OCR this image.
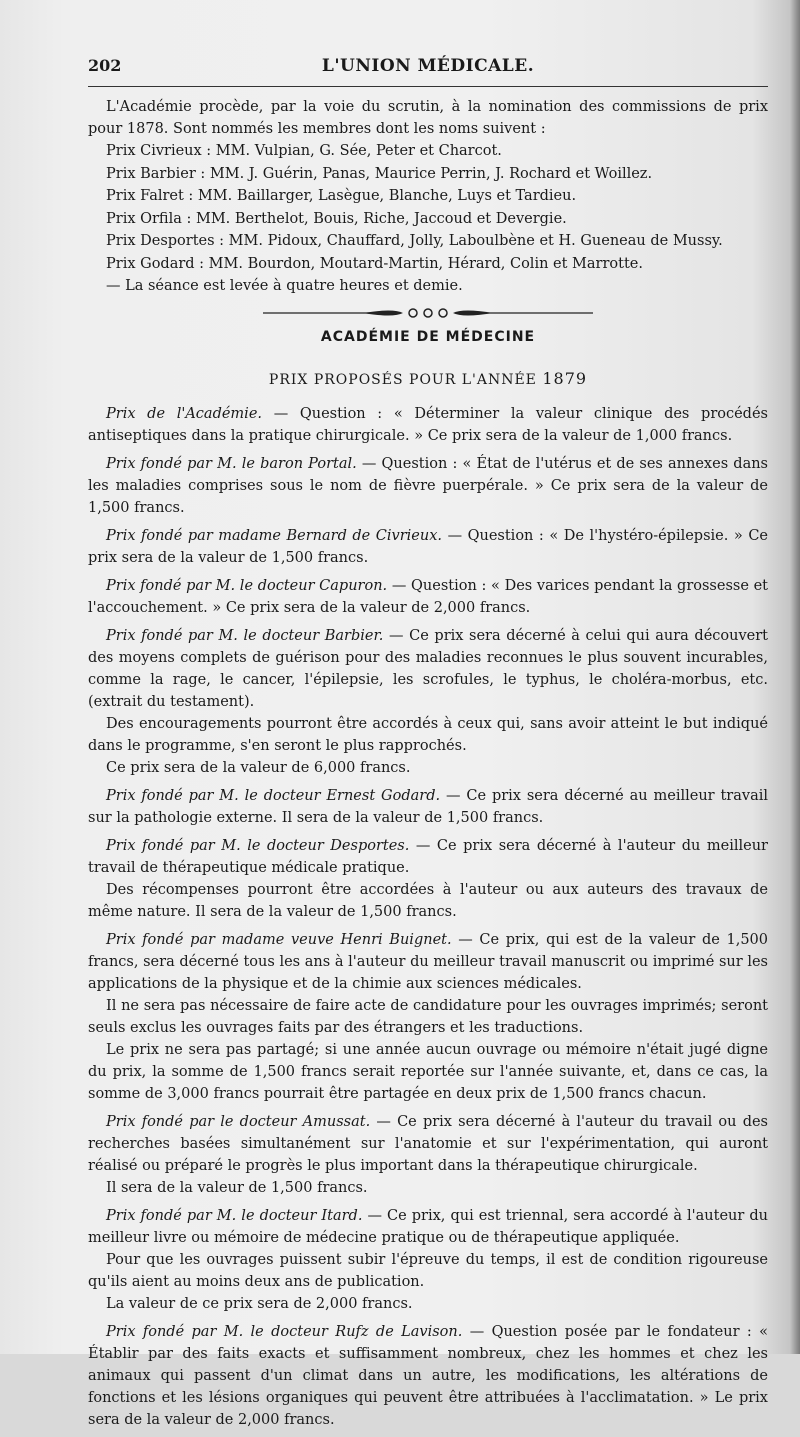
202	L'UNION MÉDICALE.

L'Académie procède, par la voie du scrutin, à la nomination des commissions de prix pour 1878. Sont nommés les membres dont les noms suivent :

Prix Civrieux : MM. Vulpian, G. Sée, Peter et Charcot.

Prix Barbier : MM. J. Guérin, Panas, Maurice Perrin, J. Rochard et Woillez.

Prix Falret : MM. Baillarger, Lasègue, Blanche, Luys et Tardieu.

Prix Orfila : MM. Berthelot, Bouis, Riche, Jaccoud et Devergie.

Prix Desportes : MM. Pidoux, Chauffard, Jolly, Laboulbène et H. Gueneau de Mussy.

Prix Godard : MM. Bourdon, Moutard-Martin, Hérard, Colin et Marrotte.

— La séance est levée à quatre heures et demie.

ACADÉMIE DE MÉDECINE
PRIX PROPOSÉS POUR L'ANNÉE 1879

Prix de l'Académie. — Question : « Déterminer la valeur clinique des procédés antiseptiques dans la pratique chirurgicale. » Ce prix sera de la valeur de 1,000 francs.

Prix fondé par M. le baron Portal. — Question : « État de l'utérus et de ses annexes dans les maladies comprises sous le nom de fièvre puerpérale. » Ce prix sera de la valeur de 1,500 francs.

Prix fondé par madame Bernard de Civrieux. — Question : « De l'hystéro-épilepsie. » Ce prix sera de la valeur de 1,500 francs.

Prix fondé par M. le docteur Capuron. — Question : « Des varices pendant la grossesse et l'accouchement. » Ce prix sera de la valeur de 2,000 francs.

Prix fondé par M. le docteur Barbier. — Ce prix sera décerné à celui qui aura découvert des moyens complets de guérison pour des maladies reconnues le plus souvent incurables, comme la rage, le cancer, l'épilepsie, les scrofules, le typhus, le choléra-morbus, etc. (extrait du testament).

Des encouragements pourront être accordés à ceux qui, sans avoir atteint le but indiqué dans le programme, s'en seront le plus rapprochés.

Ce prix sera de la valeur de 6,000 francs.

Prix fondé par M. le docteur Ernest Godard. — Ce prix sera décerné au meilleur travail sur la pathologie externe. Il sera de la valeur de 1,500 francs.

Prix fondé par M. le docteur Desportes. — Ce prix sera décerné à l'auteur du meilleur travail de thérapeutique médicale pratique.

Des récompenses pourront être accordées à l'auteur ou aux auteurs des travaux de même nature. Il sera de la valeur de 1,500 francs.

Prix fondé par madame veuve Henri Buignet. — Ce prix, qui est de la valeur de 1,500 francs, sera décerné tous les ans à l'auteur du meilleur travail manuscrit ou imprimé sur les applications de la physique et de la chimie aux sciences médicales.

Il ne sera pas nécessaire de faire acte de candidature pour les ouvrages imprimés; seront seuls exclus les ouvrages faits par des étrangers et les traductions.

Le prix ne sera pas partagé; si une année aucun ouvrage ou mémoire n'était jugé digne du prix, la somme de 1,500 francs serait reportée sur l'année suivante, et, dans ce cas, la somme de 3,000 francs pourrait être partagée en deux prix de 1,500 francs chacun.

Prix fondé par le docteur Amussat. — Ce prix sera décerné à l'auteur du travail ou des recherches basées simultanément sur l'anatomie et sur l'expérimentation, qui auront réalisé ou préparé le progrès le plus important dans la thérapeutique chirurgicale.

Il sera de la valeur de 1,500 francs.

Prix fondé par M. le docteur Itard. — Ce prix, qui est triennal, sera accordé à l'auteur du meilleur livre ou mémoire de médecine pratique ou de thérapeutique appliquée.

Pour que les ouvrages puissent subir l'épreuve du temps, il est de condition rigoureuse qu'ils aient au moins deux ans de publication.

La valeur de ce prix sera de 2,000 francs.

Prix fondé par M. le docteur Rufz de Lavison. — Question posée par le fondateur : « Établir par des faits exacts et suffisamment nombreux, chez les hommes et chez les animaux qui passent d'un climat dans un autre, les modifications, les altérations de fonctions et les lésions organiques qui peuvent être attribuées à l'acclimatation. » Le prix sera de la valeur de 2,000 francs.
